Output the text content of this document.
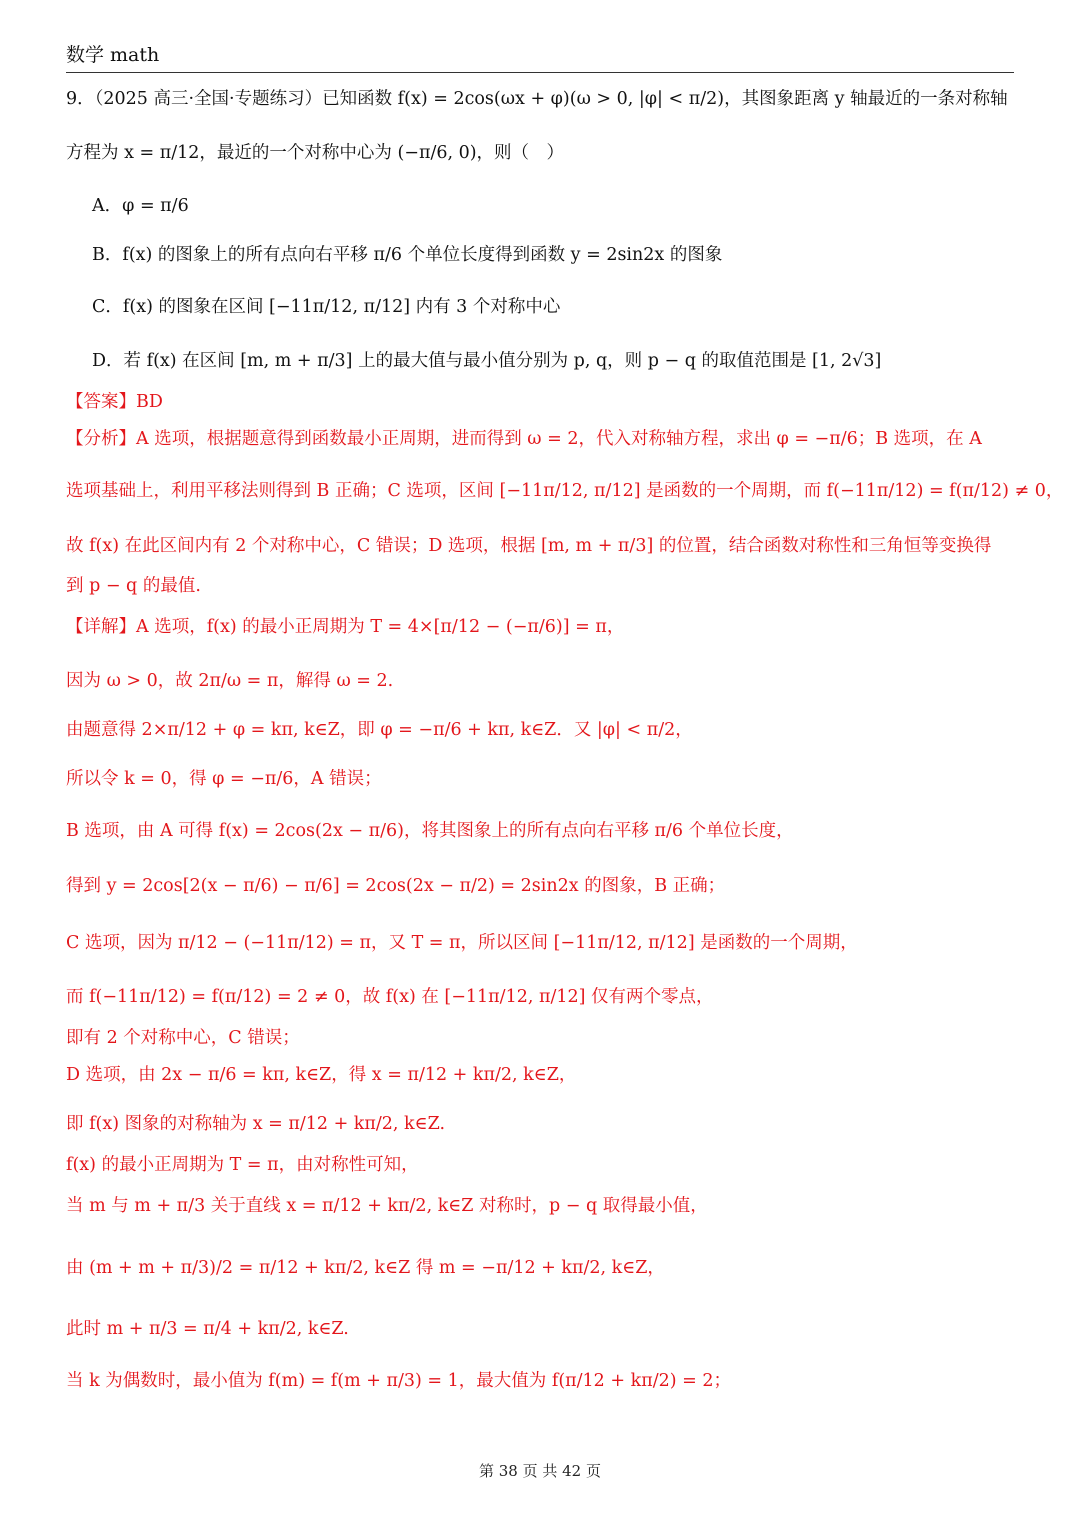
数学 math
9．（2025 高三·全国·专题练习）已知函数 f(x) = 2cos(ωx + φ)(ω > 0, |φ| < π/2)，其图象距离 y 轴最近的一条对称轴
方程为 x = π/12，最近的一个对称中心为 (−π/6, 0)，则（　）
A．φ = π/6
B．f(x) 的图象上的所有点向右平移 π/6 个单位长度得到函数 y = 2sin2x 的图象
C．f(x) 的图象在区间 [−11π/12, π/12] 内有 3 个对称中心
D．若 f(x) 在区间 [m, m + π/3] 上的最大值与最小值分别为 p, q，则 p − q 的取值范围是 [1, 2√3]
【答案】BD
【分析】A 选项，根据题意得到函数最小正周期，进而得到 ω = 2，代入对称轴方程，求出 φ = −π/6；B 选项，在 A
选项基础上，利用平移法则得到 B 正确；C 选项，区间 [−11π/12, π/12] 是函数的一个周期，而 f(−11π/12) = f(π/12) ≠ 0，
故 f(x) 在此区间内有 2 个对称中心，C 错误；D 选项，根据 [m, m + π/3] 的位置，结合函数对称性和三角恒等变换得
到 p − q 的最值.
【详解】A 选项，f(x) 的最小正周期为 T = 4×[π/12 − (−π/6)] = π，
因为 ω > 0，故 2π/ω = π，解得 ω = 2.
由题意得 2×π/12 + φ = kπ, k∈Z，即 φ = −π/6 + kπ, k∈Z．又 |φ| < π/2，
所以令 k = 0，得 φ = −π/6，A 错误；
B 选项，由 A 可得 f(x) = 2cos(2x − π/6)，将其图象上的所有点向右平移 π/6 个单位长度，
得到 y = 2cos[2(x − π/6) − π/6] = 2cos(2x − π/2) = 2sin2x 的图象，B 正确；
C 选项，因为 π/12 − (−11π/12) = π，又 T = π，所以区间 [−11π/12, π/12] 是函数的一个周期，
而 f(−11π/12) = f(π/12) = 2 ≠ 0，故 f(x) 在 [−11π/12, π/12] 仅有两个零点，
即有 2 个对称中心，C 错误；
D 选项，由 2x − π/6 = kπ, k∈Z，得 x = π/12 + kπ/2, k∈Z，
即 f(x) 图象的对称轴为 x = π/12 + kπ/2, k∈Z.
f(x) 的最小正周期为 T = π，由对称性可知，
当 m 与 m + π/3 关于直线 x = π/12 + kπ/2, k∈Z 对称时，p − q 取得最小值，
由 (m + m + π/3)/2 = π/12 + kπ/2, k∈Z 得 m = −π/12 + kπ/2, k∈Z，
此时 m + π/3 = π/4 + kπ/2, k∈Z.
当 k 为偶数时，最小值为 f(m) = f(m + π/3) = 1，最大值为 f(π/12 + kπ/2) = 2；
第 38 页 共 42 页
